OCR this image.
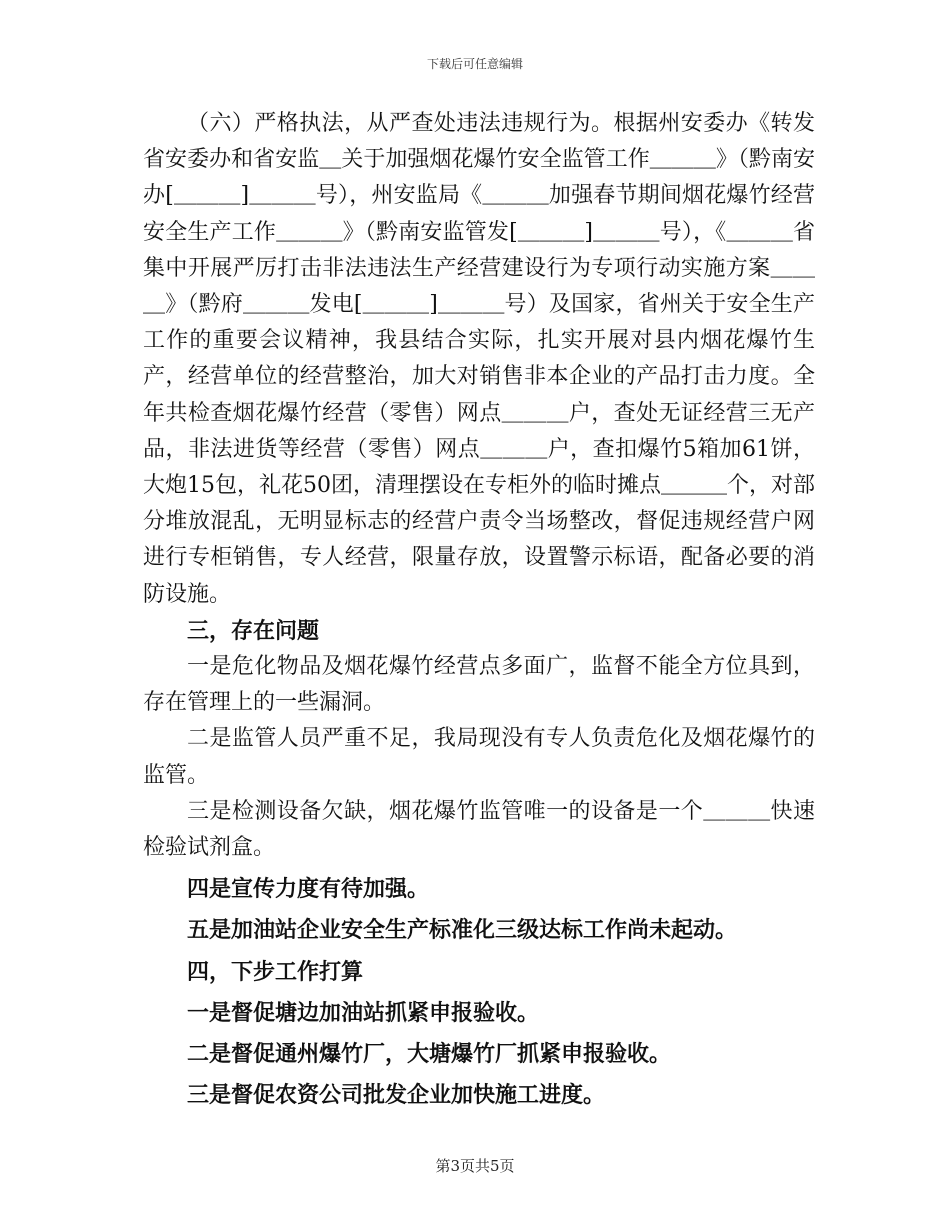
下载后可任意编辑

（六）严格执法，从严查处违法违规行为。根据州安委办《转发省安委办和省安监＿关于加强烟花爆竹安全监管工作＿＿＿》（黔南安办[＿＿＿]＿＿＿号），州安监局《＿＿＿加强春节期间烟花爆竹经营安全生产工作＿＿＿》（黔南安监管发[＿＿＿]＿＿＿号），《＿＿＿省集中开展严厉打击非法违法生产经营建设行为专项行动实施方案＿＿＿》（黔府＿＿＿发电[＿＿＿]＿＿＿号）及国家，省州关于安全生产工作的重要会议精神，我县结合实际，扎实开展对县内烟花爆竹生产，经营单位的经营整治，加大对销售非本企业的产品打击力度。全年共检查烟花爆竹经营（零售）网点＿＿＿户，查处无证经营三无产品，非法进货等经营（零售）网点＿＿＿户，查扣爆竹5箱加61饼，大炮15包，礼花50团，清理摆设在专柜外的临时摊点＿＿＿个，对部分堆放混乱，无明显标志的经营户责令当场整改，督促违规经营户网进行专柜销售，专人经营，限量存放，设置警示标语，配备必要的消防设施。

三，存在问题

一是危化物品及烟花爆竹经营点多面广，监督不能全方位具到，存在管理上的一些漏洞。

二是监管人员严重不足，我局现没有专人负责危化及烟花爆竹的监管。

三是检测设备欠缺，烟花爆竹监管唯一的设备是一个＿＿＿快速检验试剂盒。

四是宣传力度有待加强。

五是加油站企业安全生产标准化三级达标工作尚未起动。

四，下步工作打算

一是督促塘边加油站抓紧申报验收。

二是督促通州爆竹厂，大塘爆竹厂抓紧申报验收。

三是督促农资公司批发企业加快施工进度。

第3页共5页
